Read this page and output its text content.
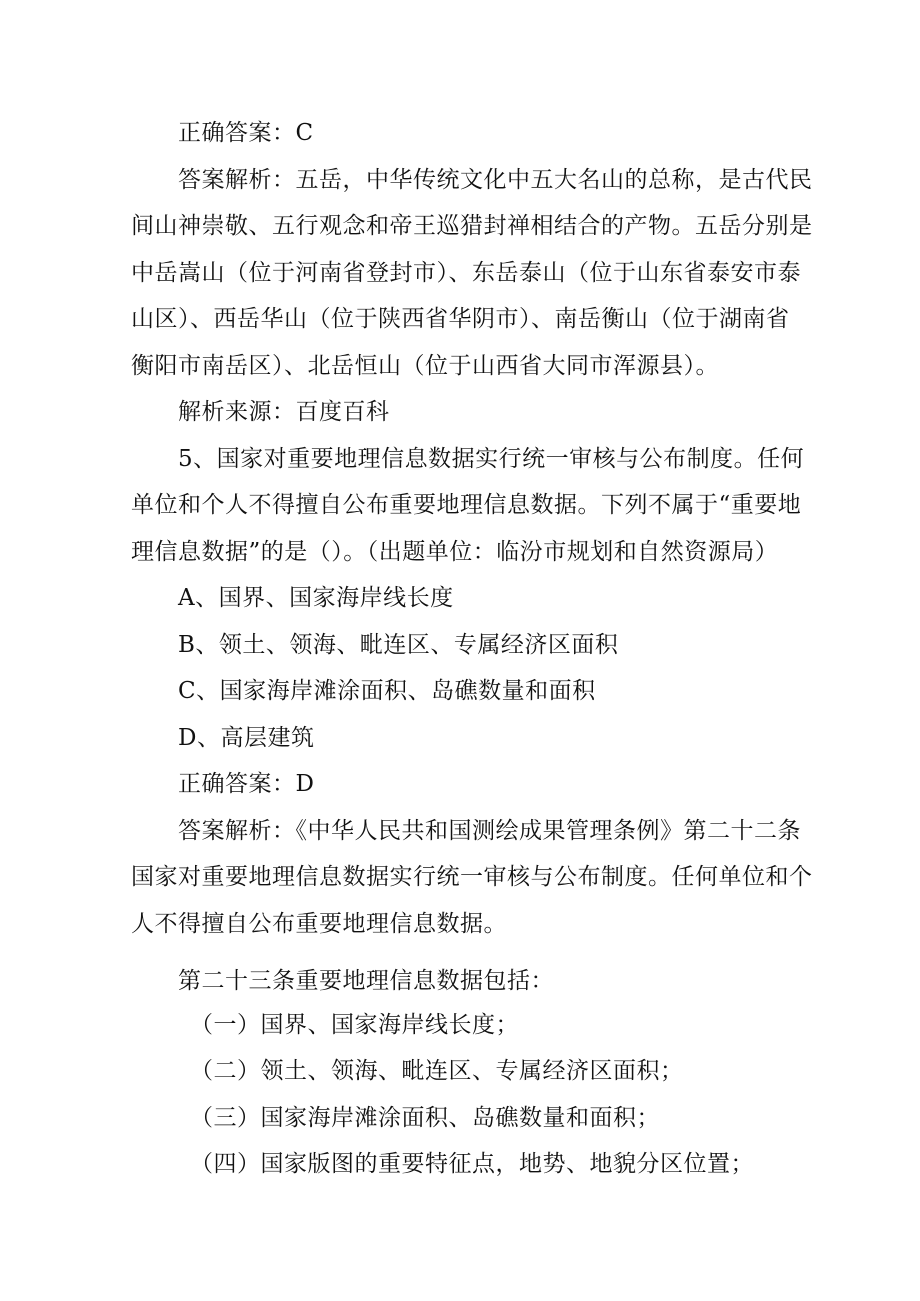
正确答案：C
答案解析：五岳，中华传统文化中五大名山的总称，是古代民
间山神崇敬、五行观念和帝王巡猎封禅相结合的产物。五岳分别是
中岳嵩山（位于河南省登封市）、东岳泰山（位于山东省泰安市泰
山区）、西岳华山（位于陕西省华阴市）、南岳衡山（位于湖南省
衡阳市南岳区）、北岳恒山（位于山西省大同市浑源县）。
解析来源：百度百科
5、国家对重要地理信息数据实行统一审核与公布制度。任何
单位和个人不得擅自公布重要地理信息数据。下列不属于“重要地
理信息数据”的是（）。（出题单位：临汾市规划和自然资源局）
A、国界、国家海岸线长度
B、领土、领海、毗连区、专属经济区面积
C、国家海岸滩涂面积、岛礁数量和面积
D、高层建筑
正确答案：D
答案解析：《中华人民共和国测绘成果管理条例》第二十二条
国家对重要地理信息数据实行统一审核与公布制度。任何单位和个
人不得擅自公布重要地理信息数据。
第二十三条重要地理信息数据包括：
（一）国界、国家海岸线长度；
（二）领土、领海、毗连区、专属经济区面积；
（三）国家海岸滩涂面积、岛礁数量和面积；
（四）国家版图的重要特征点，地势、地貌分区位置；
